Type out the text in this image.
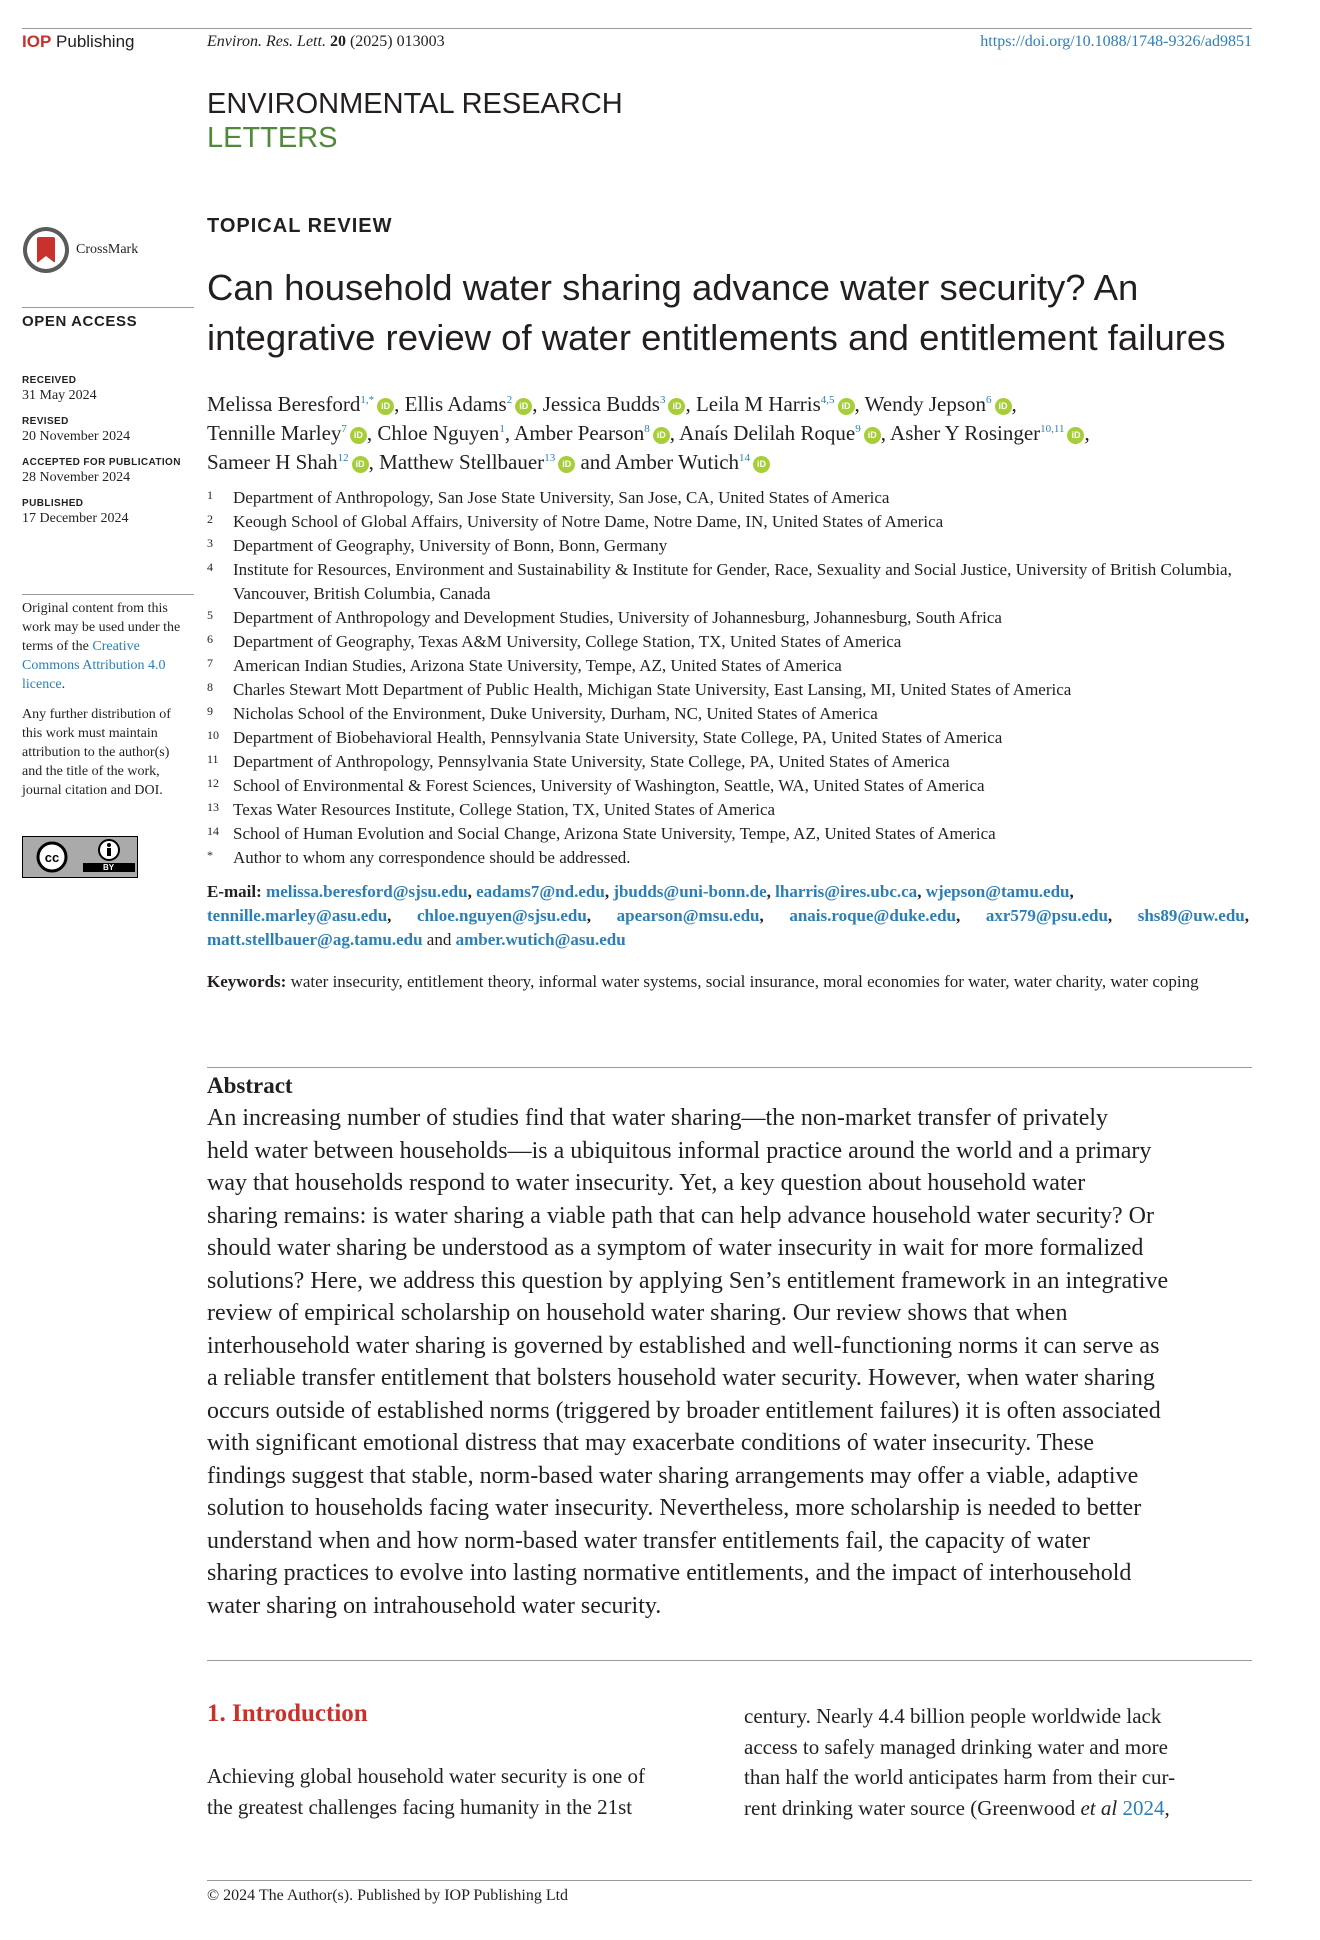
IOP Publishing	Environ. Res. Lett. 20 (2025) 013003	https://doi.org/10.1088/1748-9326/ad9851
ENVIRONMENTAL RESEARCH
LETTERS
CrossMark
OPEN ACCESS

RECEIVED

31 May 2024

REVISED

20 November 2024

ACCEPTED FOR PUBLICATION

28 November 2024

PUBLISHED

17 December 2024

Original content from this work may be used under the terms of the Creative Commons Attribution 4.0 licence.
Any further distribution of this work must maintain attribution to the author(s) and the title of the work, journal citation and DOI.
cc
BY
TOPICAL REVIEW
Can household water sharing advance water security? An
integrative review of water entitlements and entitlement failures
Melissa Beresford$^{1,*}$ iD , Ellis Adams$^2$ iD , Jessica Budds$^3$ iD , Leila M Harris$^{4,5}$ iD , Wendy Jepson$^6$ iD ,
Tennille Marley$^7$ iD , Chloe Nguyen$^1$, Amber Pearson$^8$ iD , Anaís Delilah Roque$^9$ iD , Asher Y Rosinger$^{10,11}$ iD ,
Sameer H Shah$^{12}$ iD , Matthew Stellbauer$^{13}$ iD and Amber Wutich$^{14}$ iD
1	Department of Anthropology, San Jose State University, San Jose, CA, United States of America
2	Keough School of Global Affairs, University of Notre Dame, Notre Dame, IN, United States of America
3	Department of Geography, University of Bonn, Bonn, Germany
4	Institute for Resources, Environment and Sustainability & Institute for Gender, Race, Sexuality and Social Justice, University of British Columbia, Vancouver, British Columbia, Canada
5	Department of Anthropology and Development Studies, University of Johannesburg, Johannesburg, South Africa
6	Department of Geography, Texas A&M University, College Station, TX, United States of America
7	American Indian Studies, Arizona State University, Tempe, AZ, United States of America
8	Charles Stewart Mott Department of Public Health, Michigan State University, East Lansing, MI, United States of America
9	Nicholas School of the Environment, Duke University, Durham, NC, United States of America
10 Department of Biobehavioral Health, Pennsylvania State University, State College, PA, United States of America
11 Department of Anthropology, Pennsylvania State University, State College, PA, United States of America
12 School of Environmental & Forest Sciences, University of Washington, Seattle, WA, United States of America
13 Texas Water Resources Institute, College Station, TX, United States of America
14 School of Human Evolution and Social Change, Arizona State University, Tempe, AZ, United States of America
*	Author to whom any correspondence should be addressed.
E-mail: melissa.beresford@sjsu.edu, eadams7@nd.edu, jbudds@uni-bonn.de, lharris@ires.ubc.ca, wjepson@tamu.edu,
tennille.marley@asu.edu, chloe.nguyen@sjsu.edu, apearson@msu.edu, anais.roque@duke.edu, axr579@psu.edu, shs89@uw.edu,
matt.stellbauer@ag.tamu.edu and amber.wutich@asu.edu
Keywords: water insecurity, entitlement theory, informal water systems, social insurance, moral economies for water, water charity, water coping
Abstract

An increasing number of studies find that water sharing—the non-market transfer of privately

held water between households—is a ubiquitous informal practice around the world and a primary

way that households respond to water insecurity. Yet, a key question about household water

sharing remains: is water sharing a viable path that can help advance household water security? Or

should water sharing be understood as a symptom of water insecurity in wait for more formalized

solutions? Here, we address this question by applying Sen’s entitlement framework in an integrative

review of empirical scholarship on household water sharing. Our review shows that when

interhousehold water sharing is governed by established and well-functioning norms it can serve as

a reliable transfer entitlement that bolsters household water security. However, when water sharing

occurs outside of established norms (triggered by broader entitlement failures) it is often associated

with significant emotional distress that may exacerbate conditions of water insecurity. These

findings suggest that stable, norm-based water sharing arrangements may offer a viable, adaptive

solution to households facing water insecurity. Nevertheless, more scholarship is needed to better

understand when and how norm-based water transfer entitlements fail, the capacity of water

sharing practices to evolve into lasting normative entitlements, and the impact of interhousehold

water sharing on intrahousehold water security.

1. Introduction
Achieving global household water security is one of
the greatest challenges facing humanity in the 21st
century. Nearly 4.4 billion people worldwide lack
access to safely managed drinking water and more
than half the world anticipates harm from their cur-
rent drinking water source (Greenwood et al 2024,
© 2024 The Author(s). Published by IOP Publishing Ltd
